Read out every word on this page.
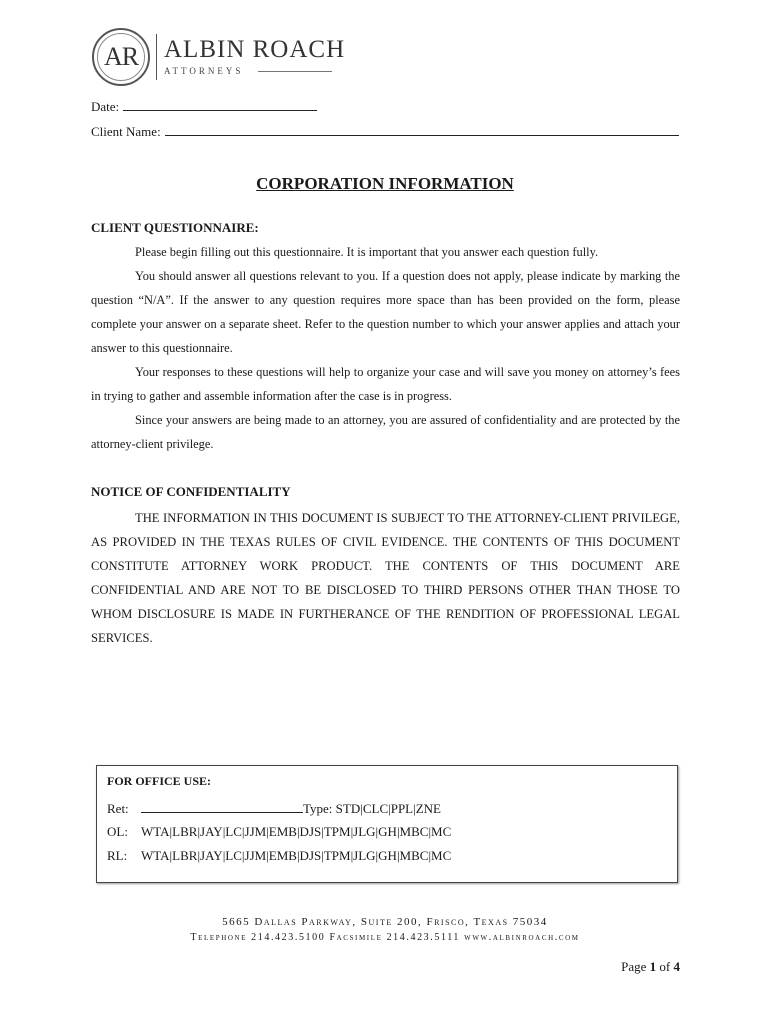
AR	ALBIN ROACH
ATTORNEYS
Date:
Client Name:
CORPORATION INFORMATION
CLIENT QUESTIONNAIRE:
Please begin filling out this questionnaire. It is important that you answer each question fully.
You should answer all questions relevant to you. If a question does not apply, please indicate by marking the question “N/A”. If the answer to any question requires more space than has been provided on the form, please complete your answer on a separate sheet. Refer to the question number to which your answer applies and attach your answer to this questionnaire.
Your responses to these questions will help to organize your case and will save you money on attorney’s fees in trying to gather and assemble information after the case is in progress.
Since your answers are being made to an attorney, you are assured of confidentiality and are protected by the attorney-client privilege.
NOTICE OF CONFIDENTIALITY
THE INFORMATION IN THIS DOCUMENT IS SUBJECT TO THE ATTORNEY-CLIENT PRIVILEGE, AS PROVIDED IN THE TEXAS RULES OF CIVIL EVIDENCE. THE CONTENTS OF THIS DOCUMENT CONSTITUTE ATTORNEY WORK PRODUCT. THE CONTENTS OF THIS DOCUMENT ARE CONFIDENTIAL AND ARE NOT TO BE DISCLOSED TO THIRD PERSONS OTHER THAN THOSE TO WHOM DISCLOSURE IS MADE IN FURTHERANCE OF THE RENDITION OF PROFESSIONAL LEGAL SERVICES.
FOR OFFICE USE:
Ret:	Type: STD|CLC|PPL|ZNE
OL: WTA|LBR|JAY|LC|JJM|EMB|DJS|TPM|JLG|GH|MBC|MC
RL: WTA|LBR|JAY|LC|JJM|EMB|DJS|TPM|JLG|GH|MBC|MC
5665 Dallas Parkway, Suite 200, Frisco, Texas 75034
Telephone 214.423.5100 Facsimile 214.423.5111 www.albinroach.com
Page 1 of 4
